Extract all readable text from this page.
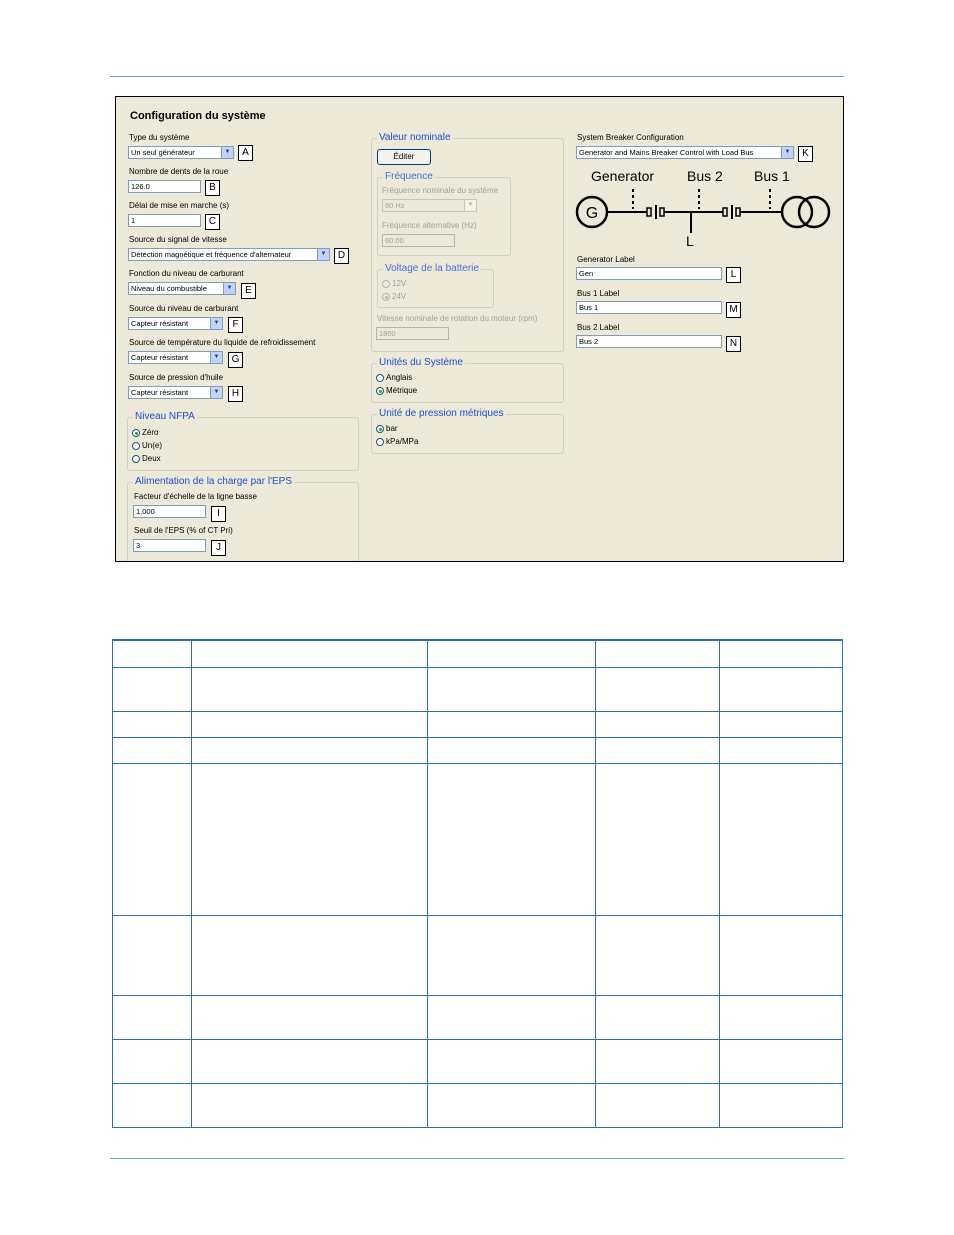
Configuration du système
Type du système
Un seul générateur	▼	A
Nombre de dents de la roue
126.0	B
Délai de mise en marche (s)
1	C
Source du signal de vitesse
Détection magnétique et fréquence d'alternateur	▼	D
Fonction du niveau de carburant
Niveau du combustible	▼	E
Source du niveau de carburant
Capteur résistant	▼	F
Source de température du liquide de refroidissement
Capteur résistant	▼	G
Source de pression d'huile
Capteur résistant	▼	H
Niveau NFPA
Zéro
Un(e)
Deux
Alimentation de la charge par l'EPS
Facteur d'échelle de la ligne basse
1.000	I
Seuil de l'EPS (% of CT Pri)
3	J
Valeur nominale
Éditer
Fréquence
Fréquence nominale du système
60 Hz	▼
Fréquence alternative (Hz)
60.00
Voltage de la batterie
12V
24V
Vitesse nominale de rotation du moteur (rpm)
1800
Unités du Système
Anglais
Métrique
Unité de pression métriques
bar
kPa/MPa
System Breaker Configuration
Generator and Mains Breaker Control with Load Bus	▼	K
Generator Bus 2 Bus 1
G
L
Generator Label
Gen	L
Bus 1 Label
Bus 1	M
Bus 2 Label
Bus 2	N
